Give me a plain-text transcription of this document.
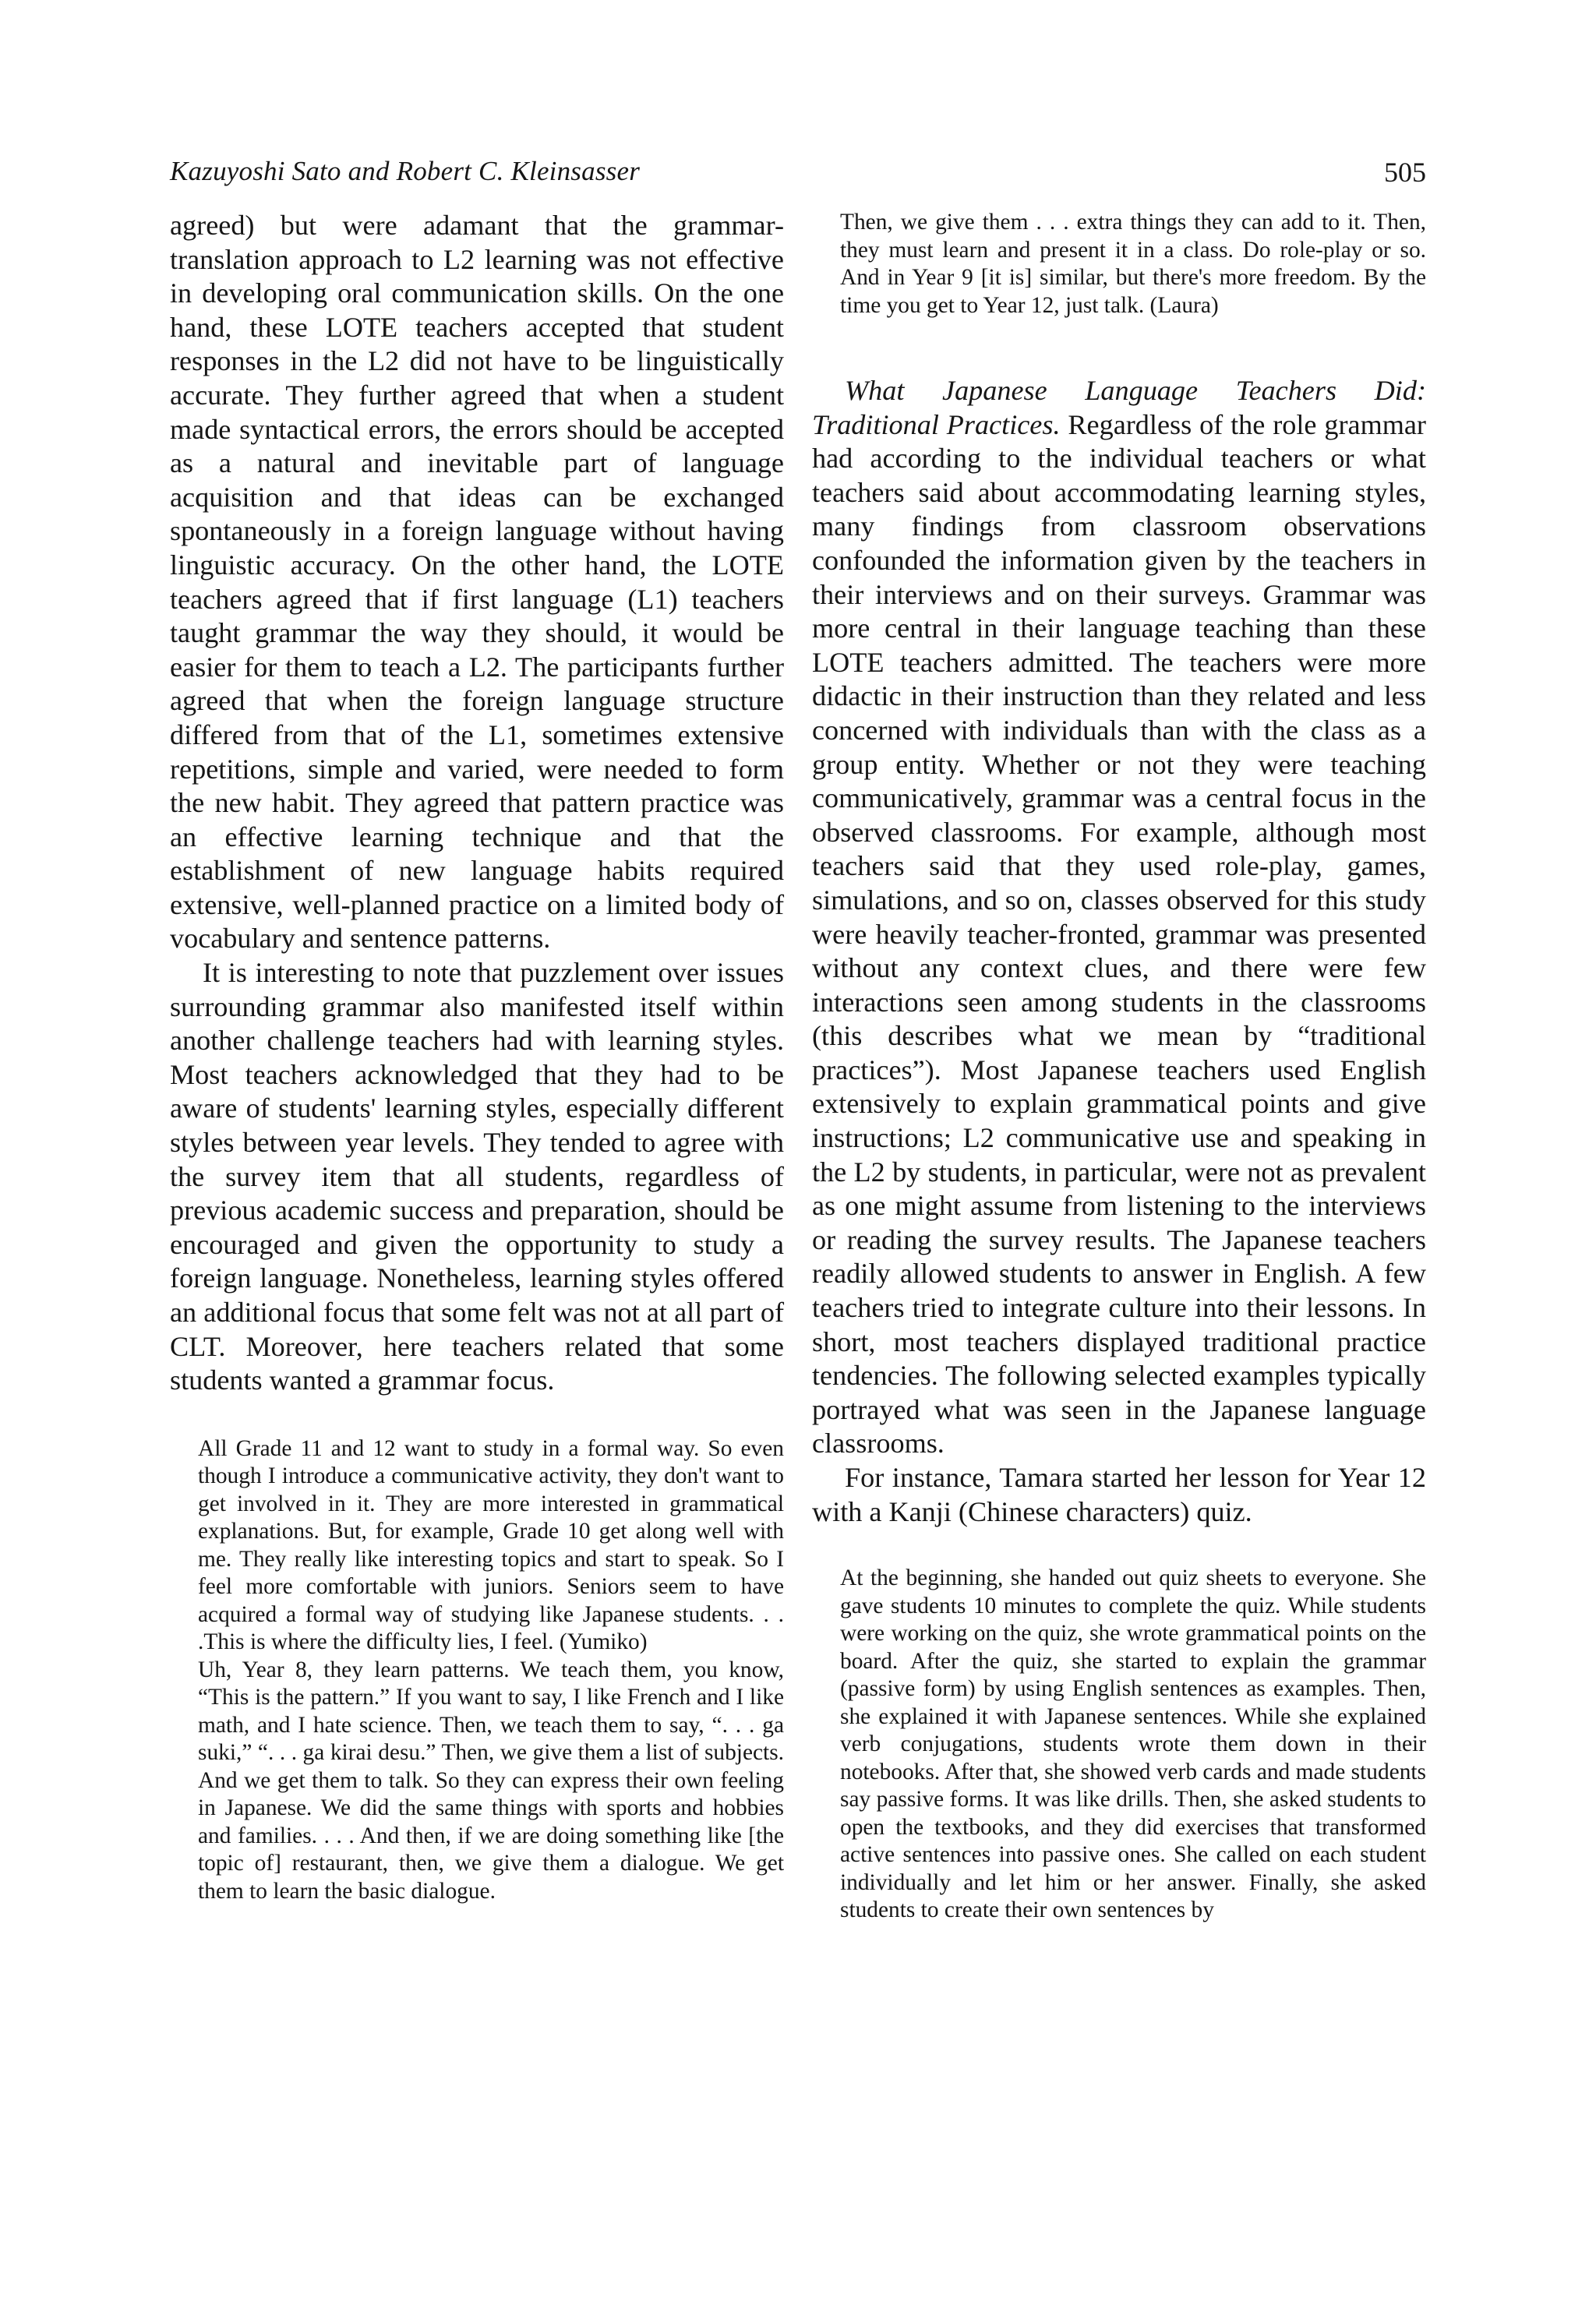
Kazuyoshi Sato and Robert C. Kleinsasser	505

agreed) but were adamant that the grammar-translation approach to L2 learning was not effective in developing oral communication skills. On the one hand, these LOTE teachers accepted that student responses in the L2 did not have to be linguistically accurate. They further agreed that when a student made syntactical errors, the errors should be accepted as a natural and inevitable part of language acquisition and that ideas can be exchanged spontaneously in a foreign language without having linguistic accuracy. On the other hand, the LOTE teachers agreed that if first language (L1) teachers taught grammar the way they should, it would be easier for them to teach a L2. The participants further agreed that when the foreign language structure differed from that of the L1, sometimes extensive repetitions, simple and varied, were needed to form the new habit. They agreed that pattern practice was an effective learning technique and that the establishment of new language habits required extensive, well-planned practice on a limited body of vocabulary and sentence patterns.

It is interesting to note that puzzlement over issues surrounding grammar also manifested itself within another challenge teachers had with learning styles. Most teachers acknowledged that they had to be aware of students' learning styles, especially different styles between year levels. They tended to agree with the survey item that all students, regardless of previous academic success and preparation, should be encouraged and given the opportunity to study a foreign language. Nonetheless, learning styles offered an additional focus that some felt was not at all part of CLT. Moreover, here teachers related that some students wanted a grammar focus.

All Grade 11 and 12 want to study in a formal way. So even though I introduce a communicative activity, they don't want to get involved in it. They are more interested in grammatical explanations. But, for example, Grade 10 get along well with me. They really like interesting topics and start to speak. So I feel more comfortable with juniors. Seniors seem to have acquired a formal way of studying like Japanese students. . . .This is where the difficulty lies, I feel. (Yumiko)

Uh, Year 8, they learn patterns. We teach them, you know, “This is the pattern.” If you want to say, I like French and I like math, and I hate science. Then, we teach them to say, “. . . ga suki,” “. . . ga kirai desu.” Then, we give them a list of subjects. And we get them to talk. So they can express their own feeling in Japanese. We did the same things with sports and hobbies and families. . . . And then, if we are doing something like [the topic of] restaurant, then, we give them a dialogue. We get them to learn the basic dialogue.

Then, we give them . . . extra things they can add to it. Then, they must learn and present it in a class. Do role-play or so. And in Year 9 [it is] similar, but there's more freedom. By the time you get to Year 12, just talk. (Laura)

What Japanese Language Teachers Did: Traditional Practices. Regardless of the role grammar had according to the individual teachers or what teachers said about accommodating learning styles, many findings from classroom observations confounded the information given by the teachers in their interviews and on their surveys. Grammar was more central in their language teaching than these LOTE teachers admitted. The teachers were more didactic in their instruction than they related and less concerned with individuals than with the class as a group entity. Whether or not they were teaching communicatively, grammar was a central focus in the observed classrooms. For example, although most teachers said that they used role-play, games, simulations, and so on, classes observed for this study were heavily teacher-fronted, grammar was presented without any context clues, and there were few interactions seen among students in the classrooms (this describes what we mean by “traditional practices”). Most Japanese teachers used English extensively to explain grammatical points and give instructions; L2 communicative use and speaking in the L2 by students, in particular, were not as prevalent as one might assume from listening to the interviews or reading the survey results. The Japanese teachers readily allowed students to answer in English. A few teachers tried to integrate culture into their lessons. In short, most teachers displayed traditional practice tendencies. The following selected examples typically portrayed what was seen in the Japanese language classrooms.

For instance, Tamara started her lesson for Year 12 with a Kanji (Chinese characters) quiz.

At the beginning, she handed out quiz sheets to everyone. She gave students 10 minutes to complete the quiz. While students were working on the quiz, she wrote grammatical points on the board. After the quiz, she started to explain the grammar (passive form) by using English sentences as examples. Then, she explained it with Japanese sentences. While she explained verb conjugations, students wrote them down in their notebooks. After that, she showed verb cards and made students say passive forms. It was like drills. Then, she asked students to open the textbooks, and they did exercises that transformed active sentences into passive ones. She called on each student individually and let him or her answer. Finally, she asked students to create their own sentences by
